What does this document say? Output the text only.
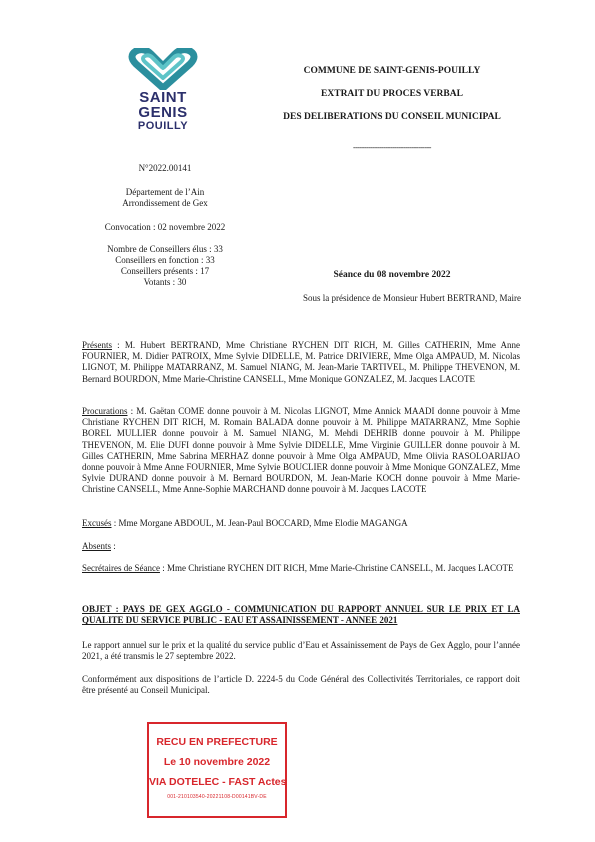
SAINT
GENIS
POUILLY
COMMUNE DE SAINT-GENIS-POUILLY
EXTRAIT DU PROCES VERBAL
DES DELIBERATIONS DU CONSEIL MUNICIPAL
------------------------------------
N°2022.00141
Département de l’Ain
Arrondissement de Gex
Convocation : 02 novembre 2022
Nombre de Conseillers élus : 33
Conseillers en fonction : 33
Conseillers présents : 17
Votants : 30
Séance du 08 novembre 2022
Sous la présidence de Monsieur Hubert BERTRAND, Maire
Présents : M. Hubert BERTRAND, Mme Christiane RYCHEN DIT RICH, M. Gilles CATHERIN, Mme Anne FOURNIER, M. Didier PATROIX, Mme Sylvie DIDELLE, M. Patrice DRIVIERE, Mme Olga AMPAUD, M. Nicolas LIGNOT, M. Philippe MATARRANZ, M. Samuel NIANG, M. Jean-Marie TARTIVEL, M. Philippe THEVENON, M. Bernard BOURDON, Mme Marie-Christine CANSELL, Mme Monique GONZALEZ, M. Jacques LACOTE
Procurations : M. Gaëtan COME donne pouvoir à M. Nicolas LIGNOT, Mme Annick MAADI donne pouvoir à Mme Christiane RYCHEN DIT RICH, M. Romain BALADA donne pouvoir à M. Philippe MATARRANZ, Mme Sophie BOREL MULLIER donne pouvoir à M. Samuel NIANG, M. Mehdi DEHRIB donne pouvoir à M. Philippe THEVENON, M. Elie DUFI donne pouvoir à Mme Sylvie DIDELLE, Mme Virginie GUILLER donne pouvoir à M. Gilles CATHERIN, Mme Sabrina MERHAZ donne pouvoir à Mme Olga AMPAUD, Mme Olivia RASOLOARIJAO donne pouvoir à Mme Anne FOURNIER, Mme Sylvie BOUCLIER donne pouvoir à Mme Monique GONZALEZ, Mme Sylvie DURAND donne pouvoir à M. Bernard BOURDON, M. Jean-Marie KOCH donne pouvoir à Mme Marie-Christine CANSELL, Mme Anne-Sophie MARCHAND donne pouvoir à M. Jacques LACOTE
Excusés : Mme Morgane ABDOUL, M. Jean-Paul BOCCARD, Mme Elodie MAGANGA
Absents :
Secrétaires de Séance : Mme Christiane RYCHEN DIT RICH, Mme Marie-Christine CANSELL, M. Jacques LACOTE
OBJET : PAYS DE GEX AGGLO - COMMUNICATION DU RAPPORT ANNUEL SUR LE PRIX ET LA QUALITE DU SERVICE PUBLIC - EAU ET ASSAINISSEMENT - ANNEE 2021
Le rapport annuel sur le prix et la qualité du service public d’Eau et Assainissement de Pays de Gex Agglo, pour l’année 2021, a été transmis le 27 septembre 2022.
Conformément aux dispositions de l’article D. 2224-5 du Code Général des Collectivités Territoriales, ce rapport doit être présenté au Conseil Municipal.
RECU EN PREFECTURE
Le 10 novembre 2022
VIA DOTELEC - FAST Actes
001-210103540-20221108-D00141BV-DE
